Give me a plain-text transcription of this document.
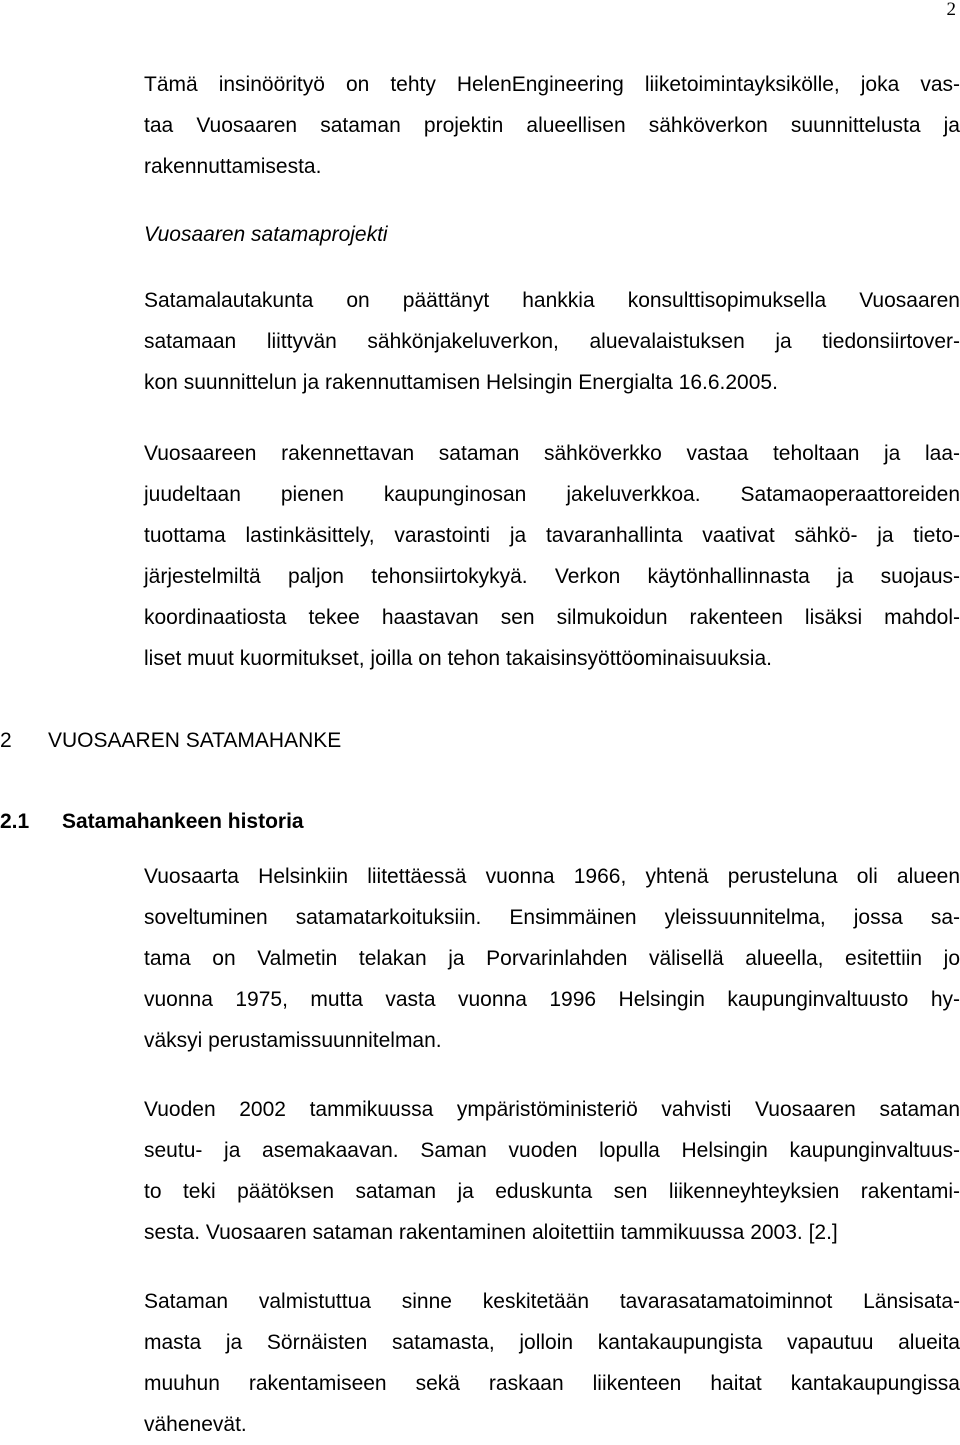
2
Tämä insinöörityö on tehty HelenEngineering liiketoimintayksikölle, joka vas-
taa Vuosaaren sataman projektin alueellisen sähköverkon suunnittelusta ja
rakennuttamisesta.
Vuosaaren satamaprojekti
Satamalautakunta on päättänyt hankkia konsulttisopimuksella Vuosaaren
satamaan liittyvän sähkönjakeluverkon, aluevalaistuksen ja tiedonsiirtover-
kon suunnittelun ja rakennuttamisen Helsingin Energialta 16.6.2005.
Vuosaareen rakennettavan sataman sähköverkko vastaa teholtaan ja laa-
juudeltaan pienen kaupunginosan jakeluverkkoa. Satamaoperaattoreiden
tuottama lastinkäsittely, varastointi ja tavaranhallinta vaativat sähkö- ja tieto-
järjestelmiltä paljon tehonsiirtokykyä. Verkon käytönhallinnasta ja suojaus-
koordinaatiosta tekee haastavan sen silmukoidun rakenteen lisäksi mahdol-
liset muut kuormitukset, joilla on tehon takaisinsyöttöominaisuuksia.
2 VUOSAAREN SATAMAHANKE
2.1 Satamahankeen historia
Vuosaarta Helsinkiin liitettäessä vuonna 1966, yhtenä perusteluna oli alueen
soveltuminen satamatarkoituksiin. Ensimmäinen yleissuunnitelma, jossa sa-
tama on Valmetin telakan ja Porvarinlahden välisellä alueella, esitettiin jo
vuonna 1975, mutta vasta vuonna 1996 Helsingin kaupunginvaltuusto hy-
väksyi perustamissuunnitelman.
Vuoden 2002 tammikuussa ympäristöministeriö vahvisti Vuosaaren sataman
seutu- ja asemakaavan. Saman vuoden lopulla Helsingin kaupunginvaltuus-
to teki päätöksen sataman ja eduskunta sen liikenneyhteyksien rakentami-
sesta. Vuosaaren sataman rakentaminen aloitettiin tammikuussa 2003. [2.]
Sataman valmistuttua sinne keskitetään tavarasatamatoiminnot Länsisata-
masta ja Sörnäisten satamasta, jolloin kantakaupungista vapautuu alueita
muuhun rakentamiseen sekä raskaan liikenteen haitat kantakaupungissa
vähenevät.
